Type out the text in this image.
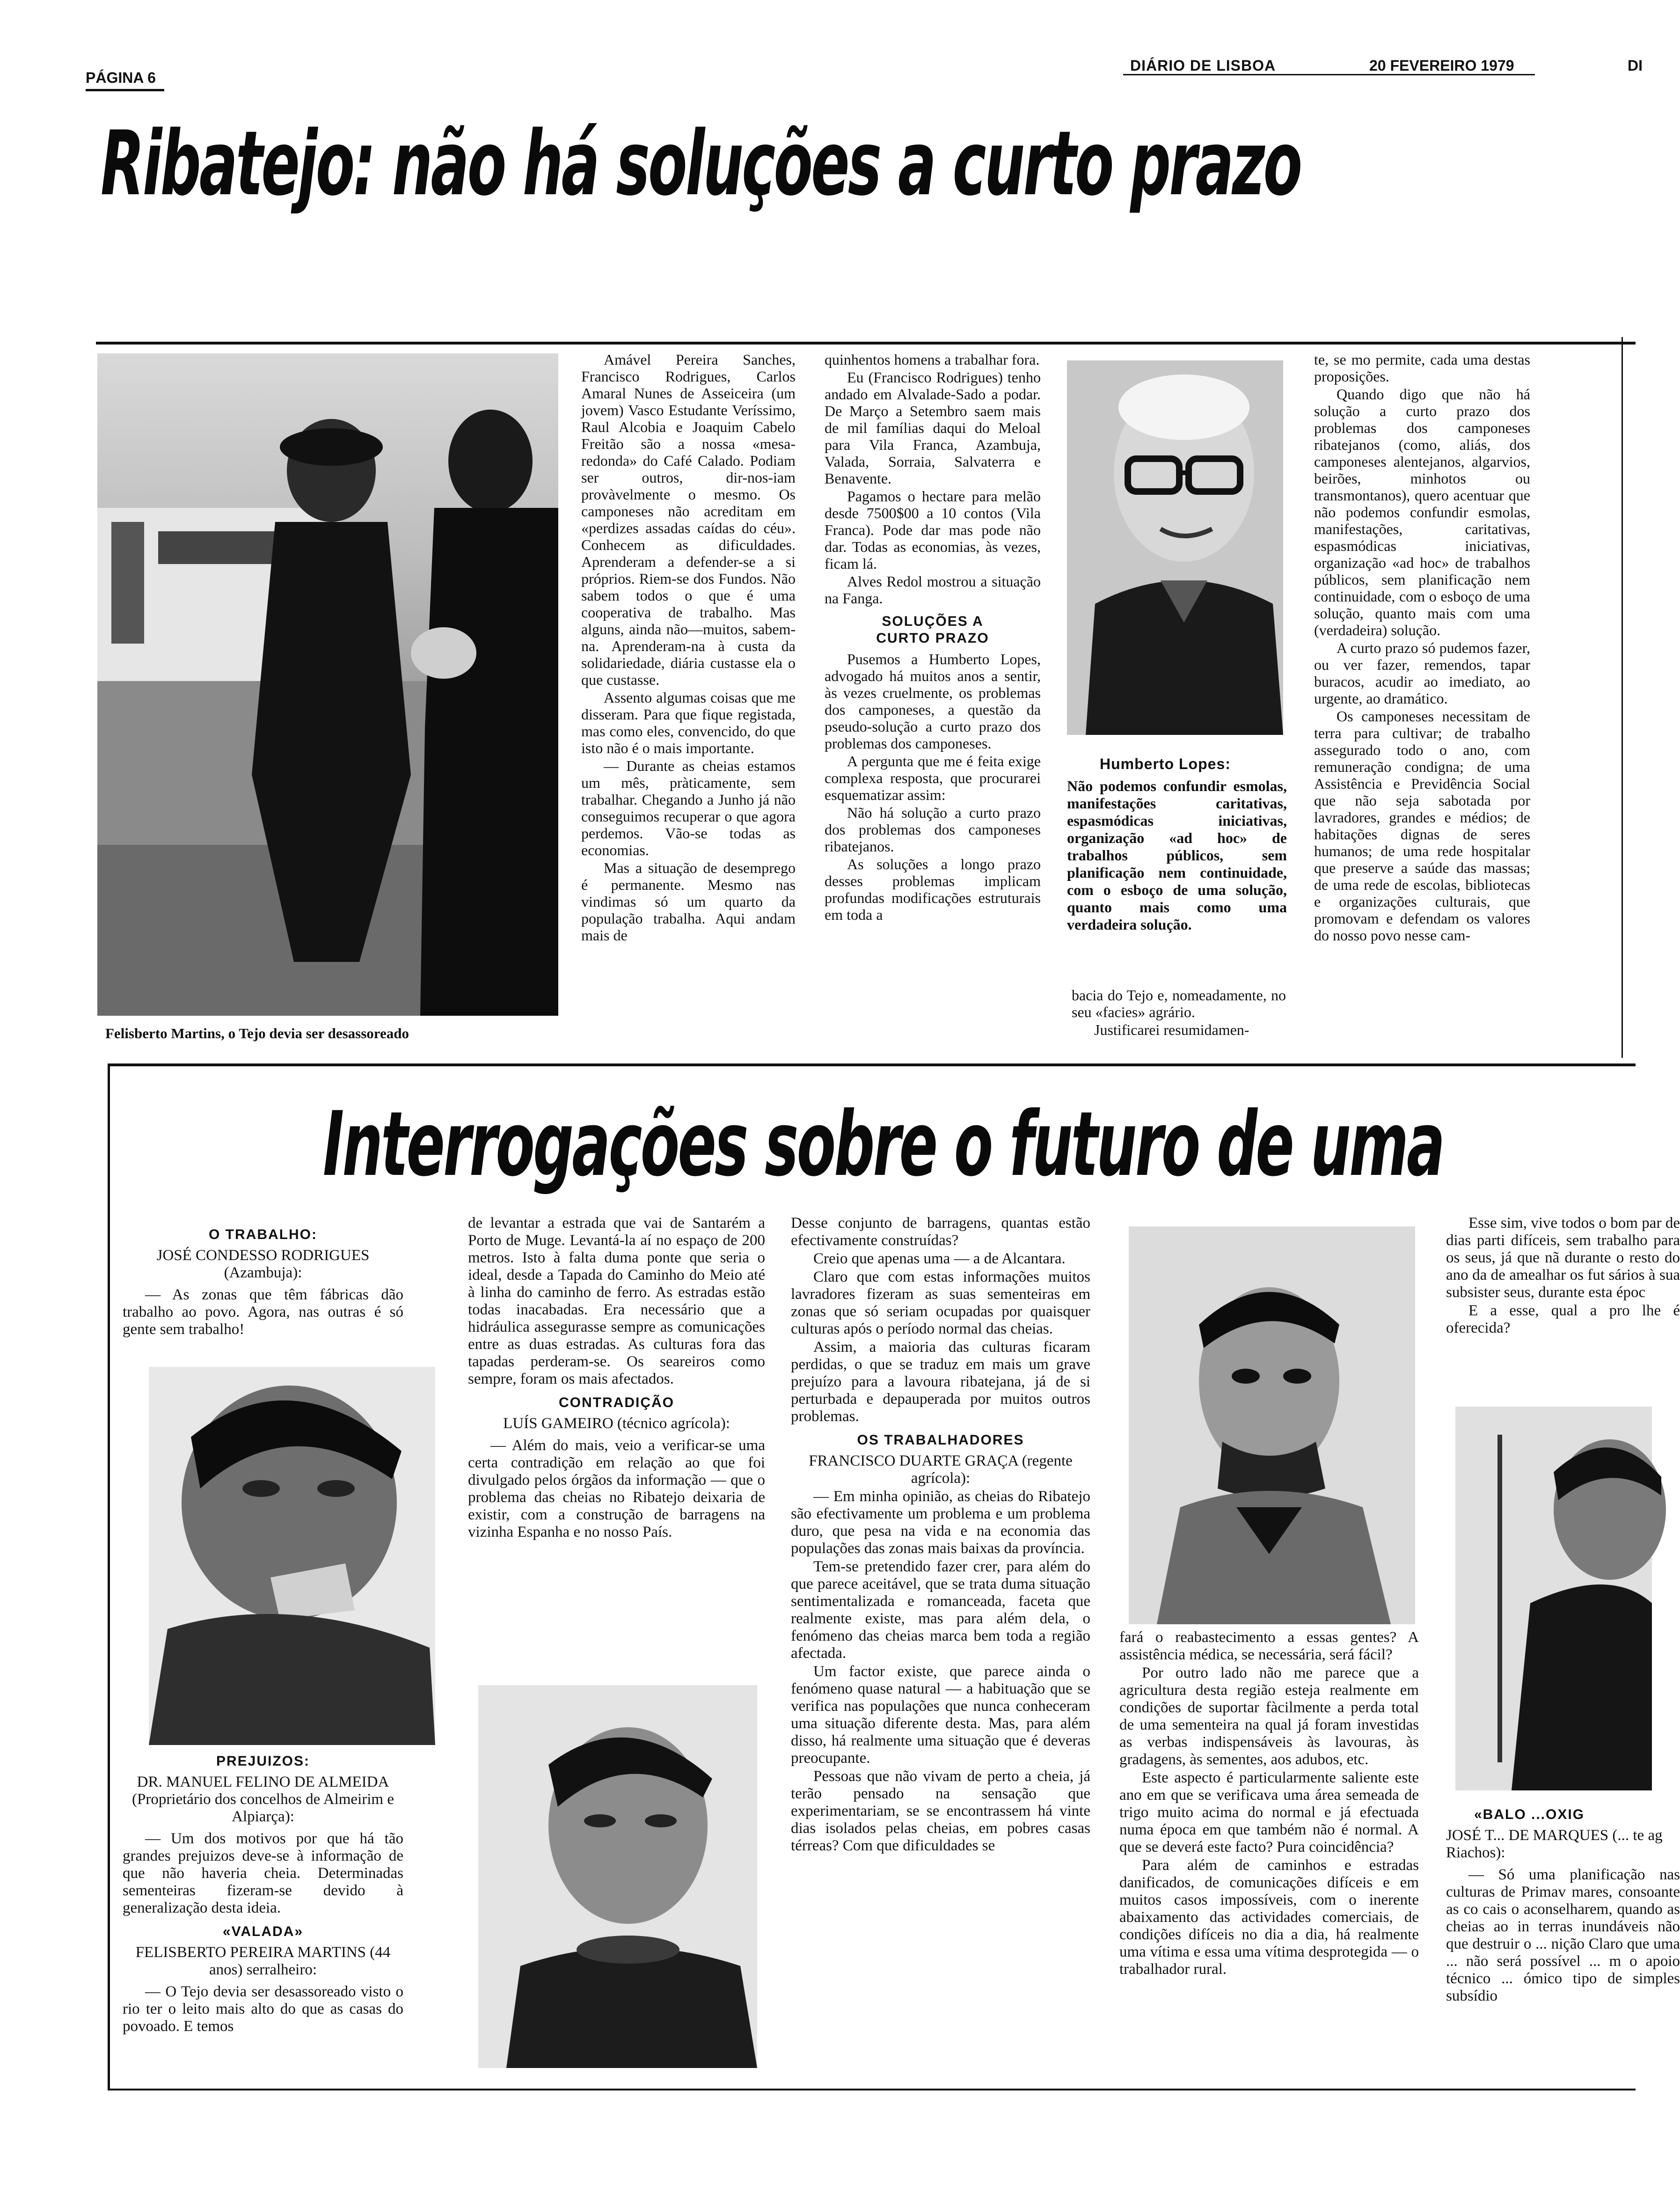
PÁGINA 6
DIÁRIO DE LISBOA	20 FEVEREIRO 1979	DI
Ribatejo: não há soluções a curto prazo
Felisberto Martins, o Tejo devia ser desassoreado

Amável Pereira Sanches, Francisco Rodrigues, Carlos Amaral Nunes de Asseiceira (um jovem) Vasco Estudante Veríssimo, Raul Alcobia e Joaquim Cabelo Freitão são a nossa «mesa-redonda» do Café Calado. Podiam ser outros, dir-nos-iam provàvelmente o mesmo. Os camponeses não acreditam em «perdizes assadas caídas do céu». Conhecem as dificuldades. Aprenderam a defender-se a si próprios. Riem-se dos Fundos. Não sabem todos o que é uma cooperativa de trabalho. Mas alguns, ainda não—muitos, sabem-na. Aprenderam-na à custa da solidariedade, diária custasse ela o que custasse.

Assento algumas coisas que me disseram. Para que fique registada, mas como eles, convencido, do que isto não é o mais importante.

— Durante as cheias estamos um mês, pràticamente, sem trabalhar. Chegando a Junho já não conseguimos recuperar o que agora perdemos. Vão-se todas as economias.

Mas a situação de desemprego é permanente. Mesmo nas vindimas só um quarto da população trabalha. Aqui andam mais de

quinhentos homens a trabalhar fora.

Eu (Francisco Rodrigues) tenho andado em Alvalade-Sado a podar. De Março a Setembro saem mais de mil famílias daqui do Meloal para Vila Franca, Azambuja, Valada, Sorraia, Salvaterra e Benavente.

Pagamos o hectare para melão desde 7500$00 a 10 contos (Vila Franca). Pode dar mas pode não dar. Todas as economias, às vezes, ficam lá.

Alves Redol mostrou a situação na Fanga.

SOLUÇÕES A CURTO PRAZO

Pusemos a Humberto Lopes, advogado há muitos anos a sentir, às vezes cruelmente, os problemas dos camponeses, a questão da pseudo-solução a curto prazo dos problemas dos camponeses.

A pergunta que me é feita exige complexa resposta, que procurarei esquematizar assim:

Não há solução a curto prazo dos problemas dos camponeses ribatejanos.

As soluções a longo prazo desses problemas implicam profundas modificações estruturais em toda a

Humberto Lopes:
Não podemos confundir esmolas, manifestações caritativas, espasmódicas iniciativas, organização «ad hoc» de trabalhos públicos, sem planificação nem continuidade, com o esboço de uma solução, quanto mais como uma verdadeira solução.

bacia do Tejo e, nomeadamente, no seu «facies» agrário.

Justificarei resumidamen-

te, se mo permite, cada uma destas proposições.

Quando digo que não há solução a curto prazo dos problemas dos camponeses ribatejanos (como, aliás, dos camponeses alentejanos, algarvios, beirões, minhotos ou transmontanos), quero acentuar que não podemos confundir esmolas, manifestações, caritativas, espasmódicas iniciativas, organização «ad hoc» de trabalhos públicos, sem planificação nem continuidade, com o esboço de uma solução, quanto mais com uma (verdadeira) solução.

A curto prazo só pudemos fazer, ou ver fazer, remendos, tapar buracos, acudir ao imediato, ao urgente, ao dramático.

Os camponeses necessitam de terra para cultivar; de trabalho assegurado todo o ano, com remuneração condigna; de uma Assistência e Previdência Social que não seja sabotada por lavradores, grandes e médios; de habitações dignas de seres humanos; de uma rede hospitalar que preserve a saúde das massas; de uma rede de escolas, bibliotecas e organizações culturais, que promovam e defendam os valores do nosso povo nesse cam-

Interrogações sobre o futuro de uma
O TRABALHO:

JOSÉ CONDESSO RODRIGUES (Azambuja):

— As zonas que têm fábricas dão trabalho ao povo. Agora, nas outras é só gente sem trabalho!

PREJUIZOS:

DR. MANUEL FELINO DE ALMEIDA (Proprietário dos concelhos de Almeirim e Alpiarça):

— Um dos motivos por que há tão grandes prejuizos deve-se à informação de que não haveria cheia. Determinadas sementeiras fizeram-se devido à generalização desta ideia.

«VALADA»

FELISBERTO PEREIRA MARTINS (44 anos) serralheiro:

— O Tejo devia ser desassoreado visto o rio ter o leito mais alto do que as casas do povoado. E temos

de levantar a estrada que vai de Santarém a Porto de Muge. Levantá-la aí no espaço de 200 metros. Isto à falta duma ponte que seria o ideal, desde a Tapada do Caminho do Meio até à linha do caminho de ferro. As estradas estão todas inacabadas. Era necessário que a hidráulica assegurasse sempre as comunicações entre as duas estradas. As culturas fora das tapadas perderam-se. Os seareiros como sempre, foram os mais afectados.

CONTRADIÇÃO

LUÍS GAMEIRO (técnico agrícola):

— Além do mais, veio a verificar-se uma certa contradição em relação ao que foi divulgado pelos órgãos da informação — que o problema das cheias no Ribatejo deixaria de existir, com a construção de barragens na vizinha Espanha e no nosso País.

Desse conjunto de barragens, quantas estão efectivamente construídas?

Creio que apenas uma — a de Alcantara.

Claro que com estas informações muitos lavradores fizeram as suas sementeiras em zonas que só seriam ocupadas por quaisquer culturas após o período normal das cheias.

Assim, a maioria das culturas ficaram perdidas, o que se traduz em mais um grave prejuízo para a lavoura ribatejana, já de si perturbada e depauperada por muitos outros problemas.

OS TRABALHADORES

FRANCISCO DUARTE GRAÇA (regente agrícola):

— Em minha opinião, as cheias do Ribatejo são efectivamente um problema e um problema duro, que pesa na vida e na economia das populações das zonas mais baixas da província.

Tem-se pretendido fazer crer, para além do que parece aceitável, que se trata duma situação sentimentalizada e romanceada, faceta que realmente existe, mas para além dela, o fenómeno das cheias marca bem toda a região afectada.

Um factor existe, que parece ainda o fenómeno quase natural — a habituação que se verifica nas populações que nunca conheceram uma situação diferente desta. Mas, para além disso, há realmente uma situação que é deveras preocupante.

Pessoas que não vivam de perto a cheia, já terão pensado na sensação que experimentariam, se se encontrassem há vinte dias isolados pelas cheias, em pobres casas térreas? Com que dificuldades se

fará o reabastecimento a essas gentes? A assistência médica, se necessária, será fácil?

Por outro lado não me parece que a agricultura desta região esteja realmente em condições de suportar fàcilmente a perda total de uma sementeira na qual já foram investidas as verbas indispensáveis às lavouras, às gradagens, às sementes, aos adubos, etc.

Este aspecto é particularmente saliente este ano em que se verificava uma área semeada de trigo muito acima do normal e já efectuada numa época em que também não é normal. A que se deverá este facto? Pura coincidência?

Para além de caminhos e estradas danificados, de comunicações difíceis e em muitos casos impossíveis, com o inerente abaixamento das actividades comerciais, de condições difíceis no dia a dia, há realmente uma vítima e essa uma vítima desprotegida — o trabalhador rural.

Esse sim, vive todos o bom par de dias parti difíceis, sem trabalho para os seus, já que nã durante o resto do ano da de amealhar os fut sários à sua subsister seus, durante esta époc

E a esse, qual a pro lhe é oferecida?

«BALO ...OXIG

JOSÉ T... DE MARQUES (... te ag Riachos):

— Só uma planificação nas culturas de Primav mares, consoante as co cais o aconselharem, quando as cheias ao in terras inundáveis não que destruir o ... nição Claro que uma ... não será possível ... m o apoio técnico ... ómico tipo de simples subsídio
